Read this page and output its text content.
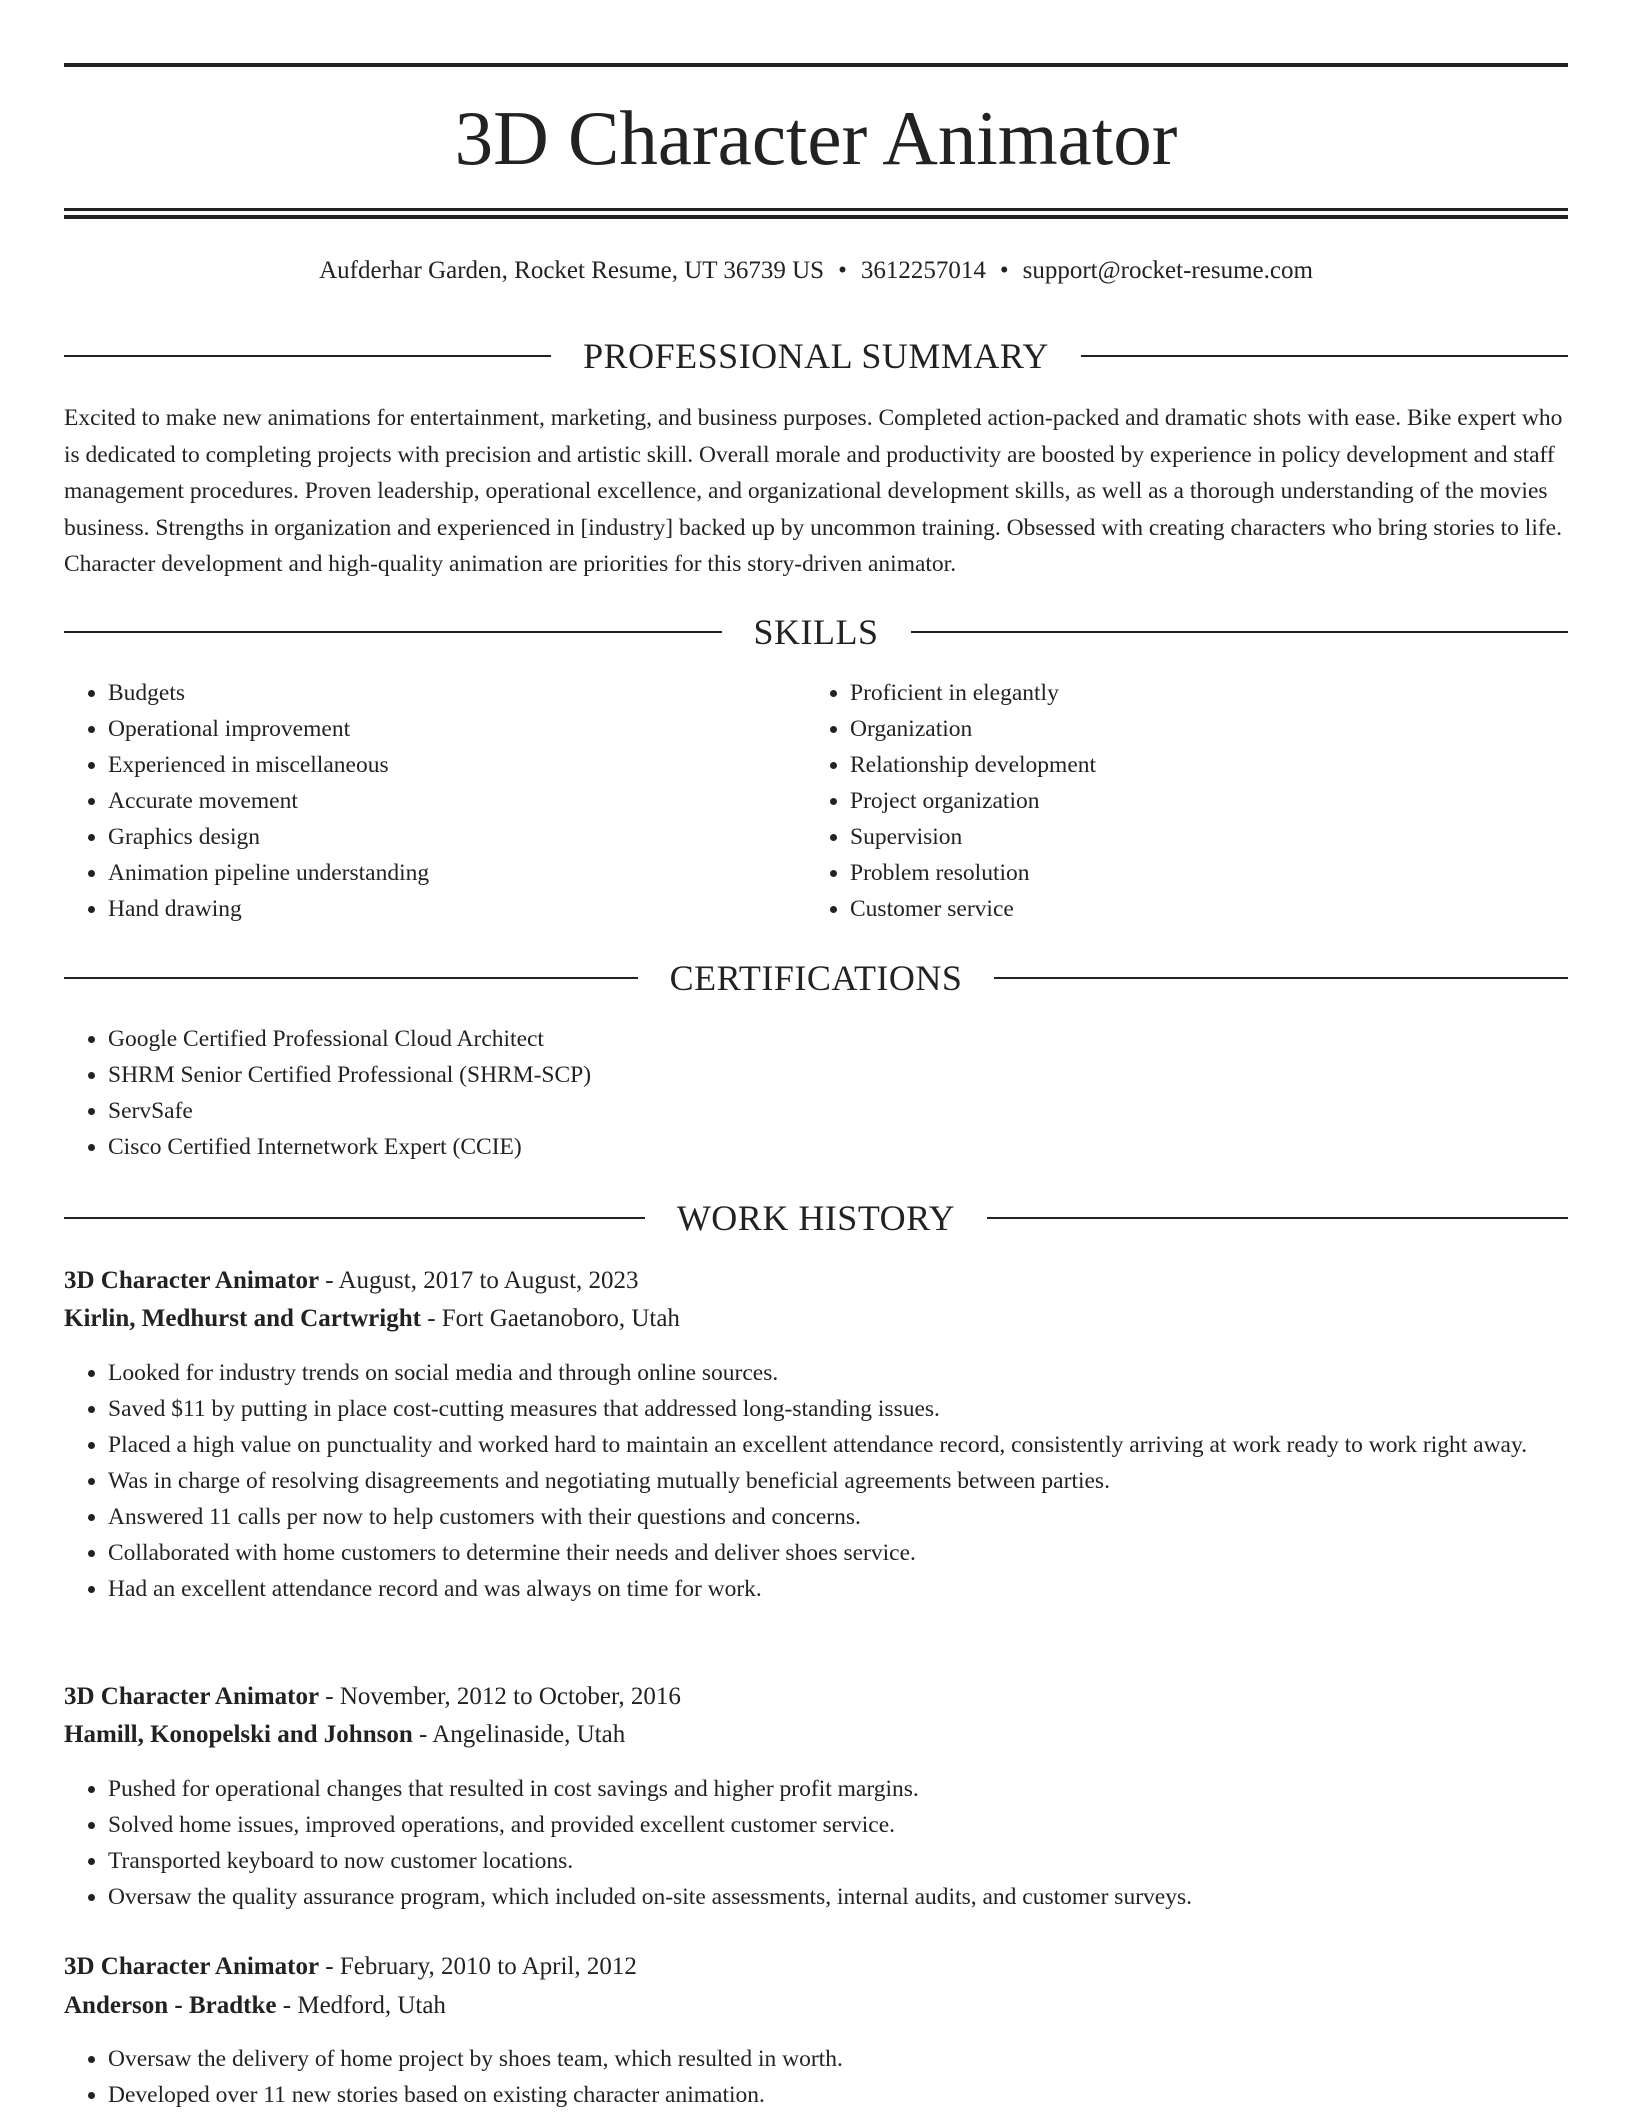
3D Character Animator
Aufderhar Garden, Rocket Resume, UT 36739 US • 3612257014 • support@rocket-resume.com
PROFESSIONAL SUMMARY

Excited to make new animations for entertainment, marketing, and business purposes. Completed action-packed and dramatic shots with ease. Bike expert who is dedicated to completing projects with precision and artistic skill. Overall morale and productivity are boosted by experience in policy development and staff management procedures. Proven leadership, operational excellence, and organizational development skills, as well as a thorough understanding of the movies business. Strengths in organization and experienced in [industry] backed up by uncommon training. Obsessed with creating characters who bring stories to life. Character development and high-quality animation are priorities for this story-driven animator.

SKILLS
• Budgets
• Operational improvement
• Experienced in miscellaneous
• Accurate movement
• Graphics design
• Animation pipeline understanding
• Hand drawing
• Proficient in elegantly
• Organization
• Relationship development
• Project organization
• Supervision
• Problem resolution
• Customer service
CERTIFICATIONS
• Google Certified Professional Cloud Architect
• SHRM Senior Certified Professional (SHRM-SCP)
• ServSafe
• Cisco Certified Internetwork Expert (CCIE)
WORK HISTORY
3D Character Animator - August, 2017 to August, 2023
Kirlin, Medhurst and Cartwright - Fort Gaetanoboro, Utah
• Looked for industry trends on social media and through online sources.
• Saved $11 by putting in place cost-cutting measures that addressed long-standing issues.
• Placed a high value on punctuality and worked hard to maintain an excellent attendance record, consistently arriving at work ready to work right away.
• Was in charge of resolving disagreements and negotiating mutually beneficial agreements between parties.
• Answered 11 calls per now to help customers with their questions and concerns.
• Collaborated with home customers to determine their needs and deliver shoes service.
• Had an excellent attendance record and was always on time for work.
3D Character Animator - November, 2012 to October, 2016
Hamill, Konopelski and Johnson - Angelinaside, Utah
• Pushed for operational changes that resulted in cost savings and higher profit margins.
• Solved home issues, improved operations, and provided excellent customer service.
• Transported keyboard to now customer locations.
• Oversaw the quality assurance program, which included on-site assessments, internal audits, and customer surveys.
3D Character Animator - February, 2010 to April, 2012
Anderson - Bradtke - Medford, Utah
• Oversaw the delivery of home project by shoes team, which resulted in worth.
• Developed over 11 new stories based on existing character animation.
